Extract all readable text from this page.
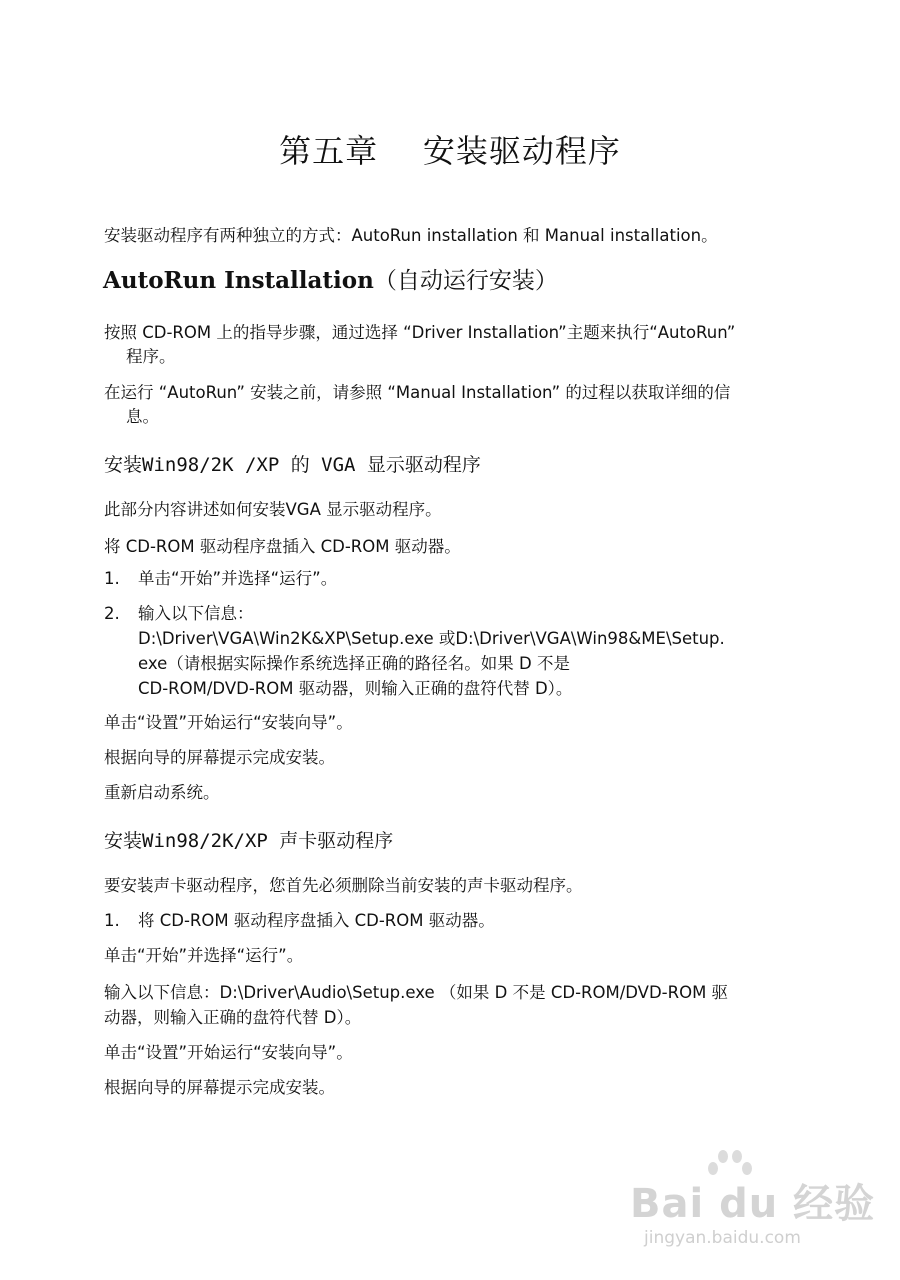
第五章    安装驱动程序

安装驱动程序有两种独立的方式：AutoRun installation 和 Manual installation。

AutoRun Installation（自动运行安装）

按照 CD-ROM 上的指导步骤，通过选择 “Driver Installation”主题来执行“AutoRun”

程序。

在运行 “AutoRun” 安装之前，请参照 “Manual Installation” 的过程以获取详细的信

息。

安装Win98/2K /XP 的 VGA 显示驱动程序

此部分内容讲述如何安装VGA 显示驱动程序。

将 CD-ROM 驱动程序盘插入 CD-ROM 驱动器。

1. 单击“开始”并选择“运行”。

2. 输入以下信息：

D:\Driver\VGA\Win2K&XP\Setup.exe 或D:\Driver\VGA\Win98&ME\Setup.

exe（请根据实际操作系统选择正确的路径名。如果 D 不是

CD-ROM/DVD-ROM 驱动器，则输入正确的盘符代替 D）。

单击“设置”开始运行“安装向导”。

根据向导的屏幕提示完成安装。

重新启动系统。

安装Win98/2K/XP 声卡驱动程序

要安装声卡驱动程序，您首先必须删除当前安装的声卡驱动程序。

1. 将 CD-ROM 驱动程序盘插入 CD-ROM 驱动器。

单击“开始”并选择“运行”。

输入以下信息：D:\Driver\Audio\Setup.exe （如果 D 不是 CD-ROM/DVD-ROM 驱

动器，则输入正确的盘符代替 D）。

单击“设置”开始运行“安装向导”。

根据向导的屏幕提示完成安装。

Bai du 经验
jingyan.baidu.com
